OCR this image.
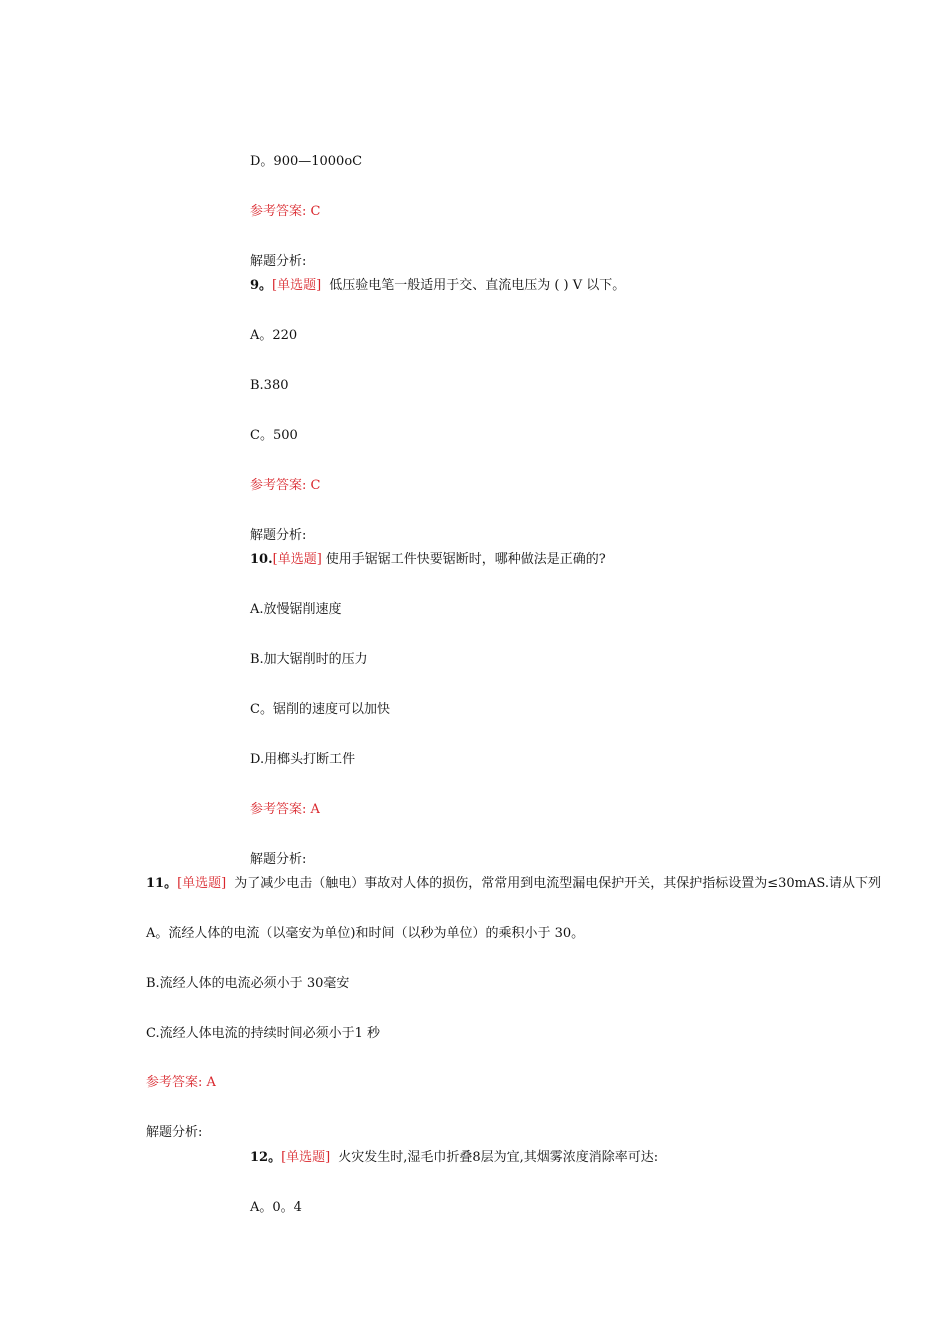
D。900—1000oC
参考答案: C
解题分析:
9。[单选题] 低压验电笔一般适用于交、直流电压为 ( ) V 以下。
A。220
B.380
C。500
参考答案: C
解题分析:
10.[单选题] 使用手锯锯工件快要锯断时，哪种做法是正确的?
A.放慢锯削速度
B.加大锯削时的压力
C。锯削的速度可以加快
D.用榔头打断工件
参考答案: A
解题分析:
11。[单选题] 为了减少电击（触电）事故对人体的损伤，常常用到电流型漏电保护开关，其保护指标设置为≤30mAS.请从下列
A。流经人体的电流（以毫安为单位)和时间（以秒为单位）的乘积小于 30。
B.流经人体的电流必须小于 30毫安
C.流经人体电流的持续时间必须小于1 秒
参考答案: A
解题分析:
12。[单选题] 火灾发生时,湿毛巾折叠8层为宜,其烟雾浓度消除率可达:
A。0。4
